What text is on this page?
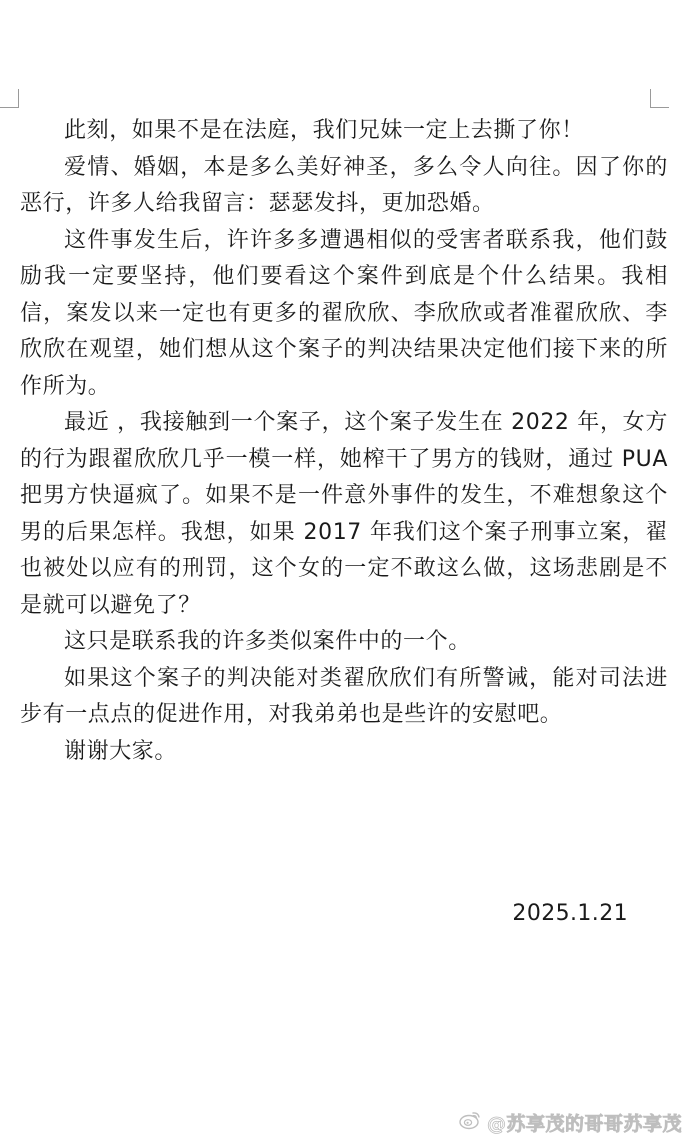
此刻，如果不是在法庭，我们兄妹一定上去撕了你！

爱情、婚姻，本是多么美好神圣，多么令人向往。因了你的恶行，许多人给我留言：瑟瑟发抖，更加恐婚。

这件事发生后，许许多多遭遇相似的受害者联系我，他们鼓励我一定要坚持，他们要看这个案件到底是个什么结果。我相信，案发以来一定也有更多的翟欣欣、李欣欣或者准翟欣欣、李欣欣在观望，她们想从这个案子的判决结果决定他们接下来的所作所为。

最近 ，我接触到一个案子，这个案子发生在 2022 年，女方的行为跟翟欣欣几乎一模一样，她榨干了男方的钱财，通过 PUA 把男方快逼疯了。如果不是一件意外事件的发生，不难想象这个男的后果怎样。我想，如果 2017 年我们这个案子刑事立案，翟也被处以应有的刑罚，这个女的一定不敢这么做，这场悲剧是不是就可以避免了？

这只是联系我的许多类似案件中的一个。

如果这个案子的判决能对类翟欣欣们有所警诫，能对司法进步有一点点的促进作用，对我弟弟也是些许的安慰吧。

谢谢大家。

2025.1.21
@苏享茂的哥哥苏享茂
